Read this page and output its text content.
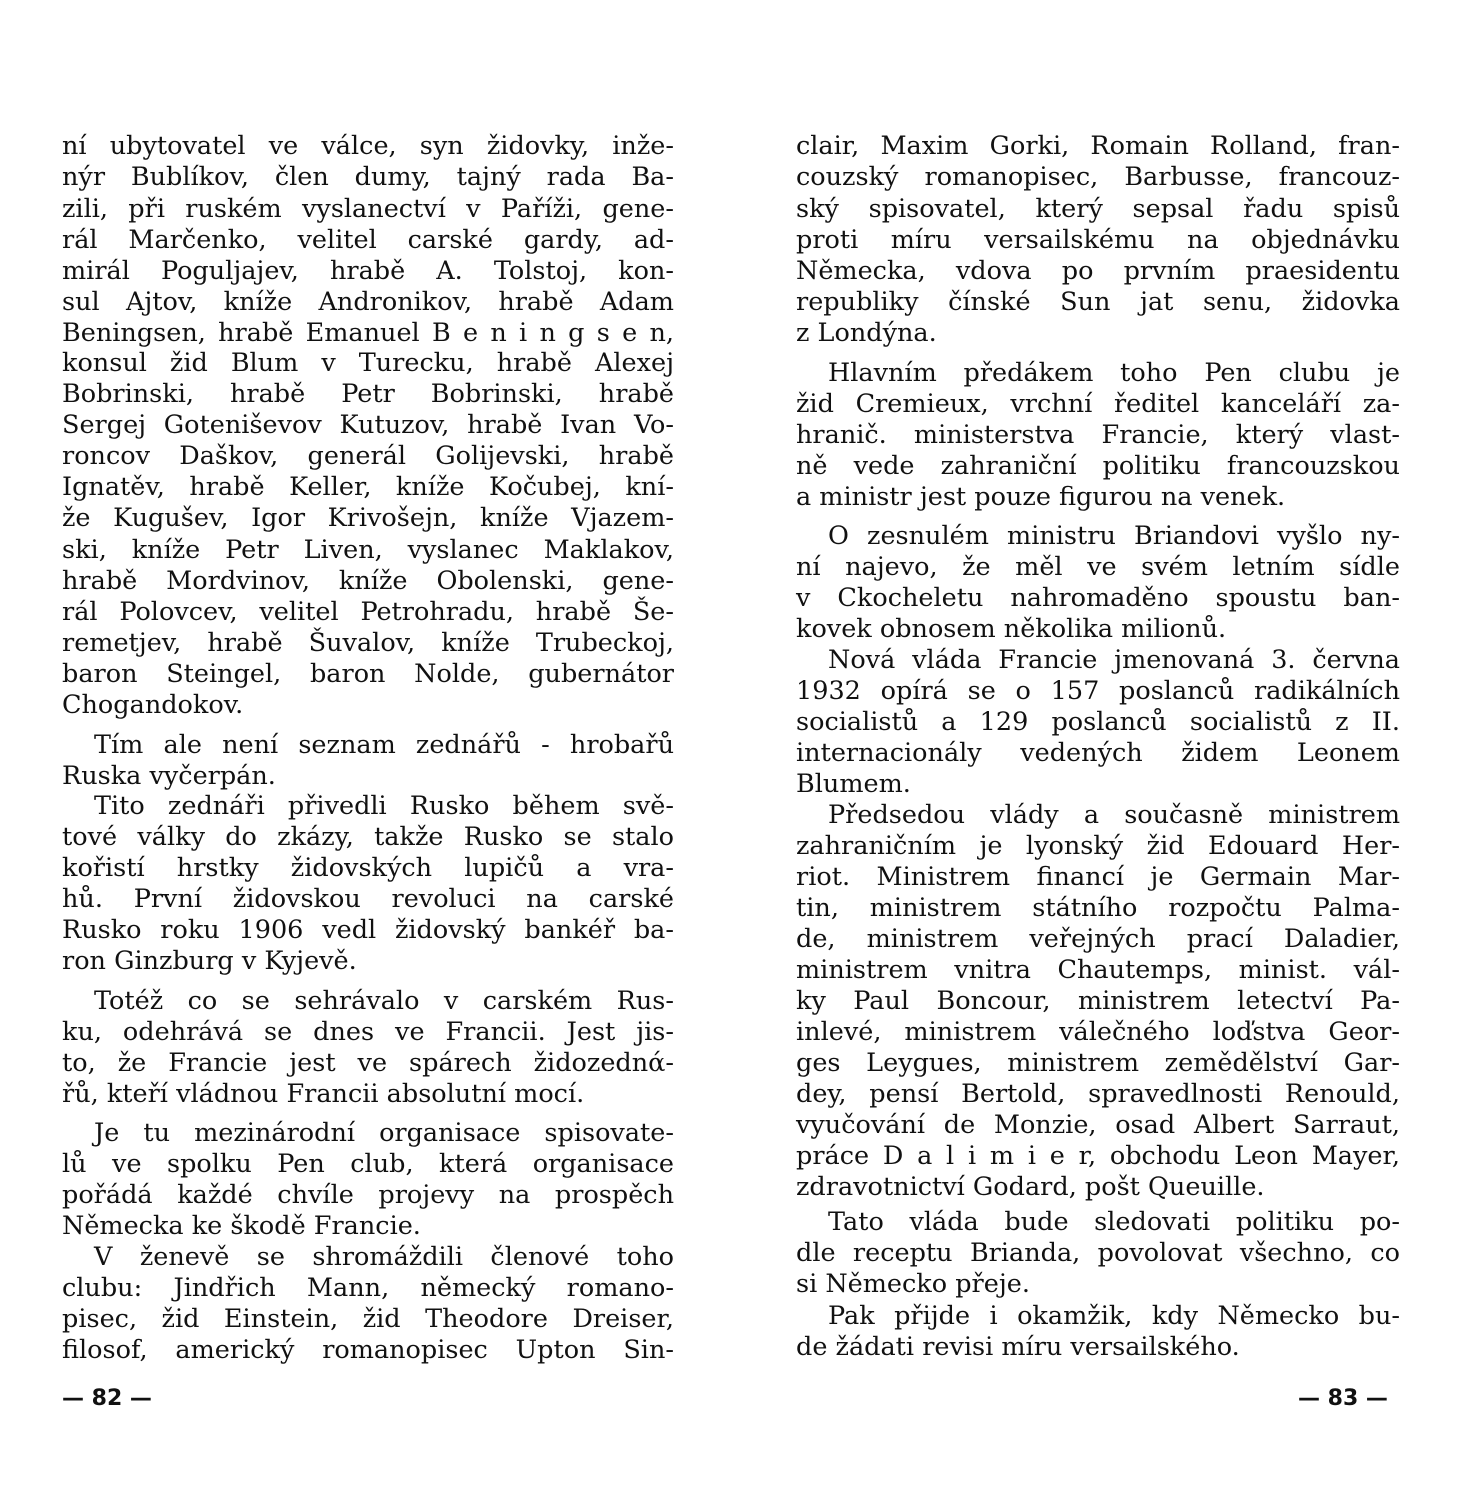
ní ubytovatel ve válce, syn židovky, inže-
nýr Bublíkov, člen dumy, tajný rada Ba-
zili, při ruském vyslanectví v Paříži, gene-
rál Marčenko, velitel carské gardy, ad-
mirál Poguljajev, hrabě A. Tolstoj, kon-
sul Ajtov, kníže Andronikov, hrabě Adam
Beningsen, hrabě Emanuel B e n i n g s e n,
konsul žid Blum v Turecku, hrabě Alexej
Bobrinski, hrabě Petr Bobrinski, hrabě
Sergej Goteniševov Kutuzov, hrabě Ivan Vo-
roncov Daškov, generál Golijevski, hrabě
Ignatěv, hrabě Keller, kníže Kočubej, kní-
že Kugušev, Igor Krivošejn, kníže Vjazem-
ski, kníže Petr Liven, vyslanec Maklakov,
hrabě Mordvinov, kníže Obolenski, gene-
rál Polovcev, velitel Petrohradu, hrabě Še-
remetjev, hrabě Šuvalov, kníže Trubeckoj,
baron Steingel, baron Nolde, gubernátor
Chogandokov.
Tím ale není seznam zednářů - hrobařů
Ruska vyčerpán.
Tito zednáři přivedli Rusko během svě-
tové války do zkázy, takže Rusko se stalo
kořistí hrstky židovských lupičů a vra-
hů. První židovskou revoluci na carské
Rusko roku 1906 vedl židovský bankéř ba-
ron Ginzburg v Kyjevě.
Totéž co se sehrávalo v carském Rus-
ku, odehrává se dnes ve Francii. Jest jis-
to, že Francie jest ve spárech židozednά-
řů, kteří vládnou Francii absolutní mocí.
Je tu mezinárodní organisace spisovate-
lů ve spolku Pen club, která organisace
pořádá každé chvíle projevy na prospěch
Německa ke škodě Francie.
V ženevě se shromáždili členové toho
clubu: Jindřich Mann, německý romano-
pisec, žid Einstein, žid Theodore Dreiser,
filosof, americký romanopisec Upton Sin-
clair, Maxim Gorki, Romain Rolland, fran-
couzský romanopisec, Barbusse, francouz-
ský spisovatel, který sepsal řadu spisů
proti míru versailskému na objednávku
Německa, vdova po prvním praesidentu
republiky čínské Sun jat senu, židovka
z Londýna.
Hlavním předákem toho Pen clubu je
žid Cremieux, vrchní ředitel kanceláří za-
hranič. ministerstva Francie, který vlast-
ně vede zahraniční politiku francouzskou
a ministr jest pouze figurou na venek.
O zesnulém ministru Briandovi vyšlo ny-
ní najevo, že měl ve svém letním sídle
v Ckocheletu nahromaděno spoustu ban-
kovek obnosem několika milionů.
Nová vláda Francie jmenovaná 3. června
1932 opírá se o 157 poslanců radikálních
socialistů a 129 poslanců socialistů z II.
internacionály vedených židem Leonem
Blumem.
Předsedou vlády a současně ministrem
zahraničním je lyonský žid Edouard Her-
riot. Ministrem financí je Germain Mar-
tin, ministrem státního rozpočtu Palma-
de, ministrem veřejných prací Daladier,
ministrem vnitra Chautemps, minist. vál-
ky Paul Boncour, ministrem letectví Pa-
inlevé, ministrem válečného loďstva Geor-
ges Leygues, ministrem zemědělství Gar-
dey, pensí Bertold, spravedlnosti Renould,
vyučování de Monzie, osad Albert Sarraut,
práce D a l i m i e r, obchodu Leon Mayer,
zdravotnictví Godard, pošt Queuille.
Tato vláda bude sledovati politiku po-
dle receptu Brianda, povolovat všechno, co
si Německo přeje.
Pak přijde i okamžik, kdy Německo bu-
de žádati revisi míru versailského.
— 82 —	— 83 —
